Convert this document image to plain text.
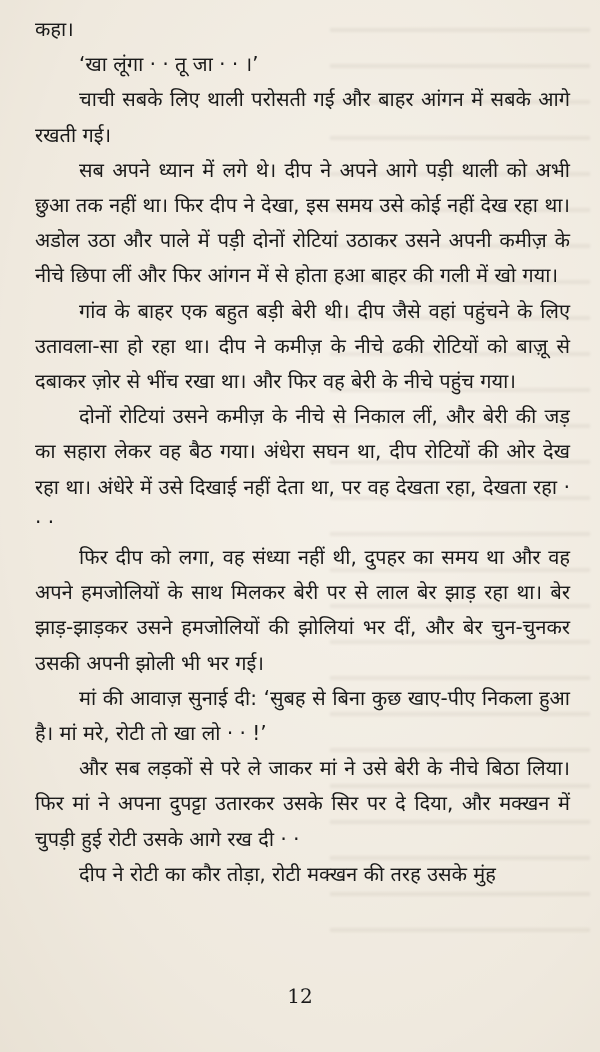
कहा।

‘खा लूंगा · · तू जा · · ।’

चाची सबके लिए थाली परोसती गई और बाहर आंगन में सबके आगे रखती गई।

सब अपने ध्यान में लगे थे। दीप ने अपने आगे पड़ी थाली को अभी छुआ तक नहीं था। फिर दीप ने देखा, इस समय उसे कोई नहीं देख रहा था। अडोल उठा और पाले में पड़ी दोनों रोटियां उठाकर उसने अपनी कमीज़ के नीचे छिपा लीं और फिर आंगन में से होता हआ बाहर की गली में खो गया।

गांव के बाहर एक बहुत बड़ी बेरी थी। दीप जैसे वहां पहुंचने के लिए उतावला-सा हो रहा था। दीप ने कमीज़ के नीचे ढकी रोटियों को बाज़ू से दबाकर ज़ोर से भींच रखा था। और फिर वह बेरी के नीचे पहुंच गया।

दोनों रोटियां उसने कमीज़ के नीचे से निकाल लीं, और बेरी की जड़ का सहारा लेकर वह बैठ गया। अंधेरा सघन था, दीप रोटियों की ओर देख रहा था। अंधेरे में उसे दिखाई नहीं देता था, पर वह देखता रहा, देखता रहा · · ·

फिर दीप को लगा, वह संध्या नहीं थी, दुपहर का समय था और वह अपने हमजोलियों के साथ मिलकर बेरी पर से लाल बेर झाड़ रहा था। बेर झाड़-झाड़कर उसने हमजोलियों की झोलियां भर दीं, और बेर चुन-चुनकर उसकी अपनी झोली भी भर गई।

मां की आवाज़ सुनाई दी: ‘सुबह से बिना कुछ खाए-पीए निकला हुआ है। मां मरे, रोटी तो खा लो · · !’

और सब लड़कों से परे ले जाकर मां ने उसे बेरी के नीचे बिठा लिया। फिर मां ने अपना दुपट्टा उतारकर उसके सिर पर दे दिया, और मक्खन में चुपड़ी हुई रोटी उसके आगे रख दी · ·

दीप ने रोटी का कौर तोड़ा, रोटी मक्खन की तरह उसके मुंह

12
